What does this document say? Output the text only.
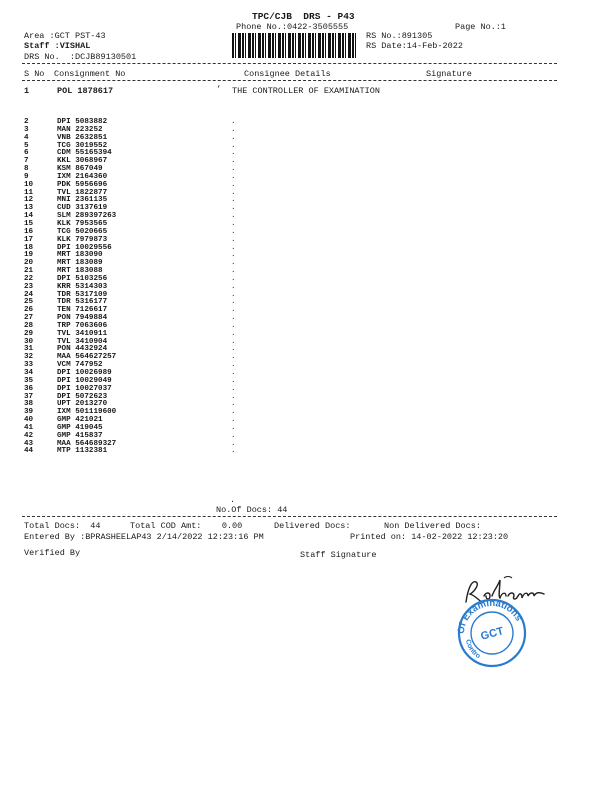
TPC/CJB  DRS - P43
Phone No.:0422-3505555	Page No.:1
Area :GCT PST-43
Staff :VISHAL
DRS No.  :DCJB89130501
RS No.:891305
RS Date:14-Feb-2022
S No Consignment No	Consignee Details	Signature
1	POL 1878617	‘ THE CONTROLLER OF EXAMINATION
2	DPI 5083882	.
3	MAN 223252	.
4	VNB 2632851	.
5	TCG 3019552	.
6	CDM 55165394	.
7	KKL 3068967	.
8	KSM 867049	.
9	IXM 2164360	.
10	PDK 5956696	.
11	TVL 1822877	.
12	MNI 2361135	.
13	CUD 3137619	.
14	SLM 289397263	.
15	KLK 7953565	.
16	TCG 5020665	.
17	KLK 7979873	.
18	DPI 10029556	.
19	MRT 183090	.
20	MRT 183089	.
21	MRT 183088	.
22	DPI 5103256	.
23	KRR 5314303	.
24	TDR 5317109	.
25	TDR 5316177	.
26	TEN 7126617	.
27	PON 7949884	.
28	TRP 7063606	.
29	TVL 3410911	.
30	TVL 3410904	.
31	PON 4432924	.
32	MAA 564627257	.
33	VCM 747952	.
34	DPI 10026989	.
35	DPI 10029049	.
36	DPI 10027037	.
37	DPI 5072623	.
38	UPT 2013270	.
39	IXM 501119600	.
40	GMP 421021	.
41	GMP 419045	.
42	GMP 415837	.
43	MAA 564689327	.
44	MTP 1132381	.
.
No.Of Docs: 44
Total Docs:  44	Total COD Amt:    0.00	Delivered Docs:	Non Delivered Docs:
Entered By :BPRASHEELAP43 2/14/2022 12:23:16 PM	Printed on: 14-02-2022 12:23:20
Verified By	Staff Signature
Of Examinations
Contro
GCT
